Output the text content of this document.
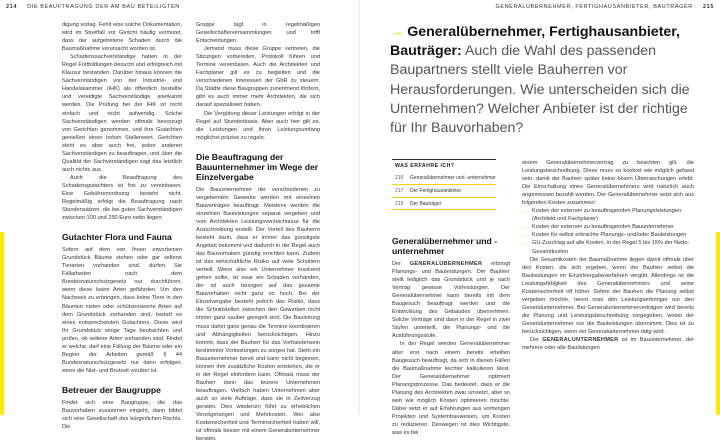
214 DIE BEAUFTRAGUNG DER AM BAU BETEILIGTEN	GENERALÜBERNEHMER, FERTIGHAUSANBIETER, BAUTRÄGER 215

digung vorlag. Fehlt eine solche Dokumentation, wird im Streitfall vor Gericht häufig vermutet, dass der aufgetretene Schaden durch die Baumaßnahme verursacht worden ist.

Schadenssachverständige haben in der Regel Fortbildungen besucht und erfolgreich mit Klausur bestanden. Darüber hinaus können die Sachverständigen von der Industrie- und Handelskammer (IHK) als öffentlich bestellte und vereidigte Sachverständige anerkannt werden. Die Prüfung bei der IHK ist nicht einfach und recht aufwendig. Solche Sachverständigen werden oftmals bevorzugt von Gerichten genommen, und ihre Gutachten genießen einen hohen Stellenwert. Gerichten steht es aber auch frei, jeden anderen Sachverständigen zu beauftragen, und über die Qualität der Sachverständigen sagt das letztlich auch nichts aus.

Auch die Beauftragung des Schadensgutachters ist frei zu vereinbaren. Eine Gebührenordnung besteht nicht. Regelmäßig erfolgt die Beauftragung nach Stundensätzen, die bei guten Sachverständigen zwischen 100 und 250 Euro netto liegen.

Gutachter Flora und Fauna

Sofern auf dem von Ihnen erworbenen Grundstück Bäume stehen oder gar seltene Tierarten vorhanden sind, dürfen Sie Fällarbeiten nach dem Bundesnaturschutzgesetz nur durchführen, wenn diese keine Arten gefährden. Um den Nachweis zu erbringen, dass keine Tiere in den Bäumen nisten oder schützenswerte Arten auf dem Grundstück vorhanden sind, bedarf es eines entsprechenden Gutachters. Diese wird Ihr Grundstück einige Tage beobachten und prüfen, ob seltene Arten vorhanden sind. Findet er welche, darf eine Fällung der Bäume oder ein Beginn der Arbeiten gemäß § 44 Bundesnaturschutzgesetz nur dann erfolgen, wenn die Nist- und Brutzeit vorüber ist.

Betreuer der Baugruppe

Findet sich eine Baugruppe, die das Bauvorhaben zusammen eingeht, dann bildet sich eine Gesellschaft des bürgerlichen Rechts. Die

Gruppe tagt in regelmäßigen Gesellschafterversammlungen und trifft Entscheidungen.

Jemand muss diese Gruppe vertreten, die Sitzungen vorbereiten, Protokoll führen und Termine vereinbaren. Auch die Architekten und Fachplaner gilt es zu begleiten und die verschiedenen Interessen der GbR zu steuern. Da Städte diese Baugruppen zunehmend fördern, gibt es auch immer mehr Architekten, die sich darauf spezialisiert haben.

Die Vergütung dieser Leistungen erfolgt in der Regel auf Stundenbasis. Aber auch hier gilt es, die Leistungen und ihren Leistungsumfang möglichst präzise zu regeln.

Die Beauftragung der Bauunternehmer im Wege der Einzelvergabe

Die Bauunternehmer der verschiedenen zu vergebenden Gewerke werden mit einzelnen Bauverträgen beauftragt. Meistens werden die einzelnen Bauleistungen separat vergeben und vom Architekten Leistungsverzeichnisse für die Ausschreibung erstellt. Der Vorteil des Bauherrn besteht darin, dass er immer das günstigste Angebot bekommt und dadurch in der Regel auch das Bauvorhaben günstig errichten kann. Zudem ist das wirtschaftliche Risiko auf viele Schultern verteilt. Wenn also ein Unternehmer insolvent gehen sollte, ist zwar ein Schaden vorhanden, der ist auch bezogen auf das gesamte Bauvorhaben nicht ganz so hoch. Bei der Einzelvergabe besteht jedoch das Risiko, dass die Schnittstellen zwischen den Gewerken nicht immer ganz sauber geregelt sind. Die Bauleitung muss daher ganz genau die Termine koordinieren und Abhängigkeiten berücksichtigen. Hinzu kommt, dass der Bauherr für das Vorhandensein bestimmter Vorleistungen zu sorgen hat. Steht ein Bauunternehmer bereit und kann nicht beginnen, können ihm zusätzliche Kosten entstehen, die er in der Regel einfordern kann. Oftmals muss der Bauherr dann das teurere Unternehmen beauftragen. Vielfach haben Unternehmen aber auch so viele Aufträge, dass sie in Zeitverzug geraten. Dies wiederum führt zu erheblichen Verzögerungen und Mehrkosten. Wer also Kostensicherheit und Terminsicherheit haben will, ist oftmals besser mit einem Generalunternehmer beraten.

→ Generalübernehmer, Fertighausanbieter, Bauträger: Auch die Wahl des passenden Baupartners stellt viele Bauherren vor Herausforderungen. Wie unterscheiden sich die Unternehmen? Welcher Anbieter ist der richtige für Ihr Bauvorhaben?
WAS ERFAHRE ICH?
215	Generalübernehmer und -unternehmer
217	Der Fertighausanbieter
219	Der Bauträger
Generalübernehmer und -unternehmer

Der GENERALÜBERNEHMER erbringt Planungs- und Bauleistungen. Der Bauherr stellt lediglich das Grundstück und je nach Vertrag gewisse Vorleistungen. Der Generalübernehmer kann bereits mit dem Baugesuch beauftragt werden und die Entwicklung des Gebäudes übernehmen. Solche Verträge sind dann in der Regel in zwei Stufen unterteilt, die Planungs- und die Ausführungsstufe.

In der Regel werden Generalübernehmer aber erst nach einem bereits erteilten Baugesuch beauftragt, da sich in diesen Fällen die Baumaßnahme leichter kalkulieren lässt. Der Generalübernehmer optimiert Planungsprozesse. Das bedeutet, dass er die Planung des Architekten zwar umsetzt, aber so weit wie möglich Kosten optimieren möchte. Dabei setzt er auf Erfahrungen aus vorherigen Projekten und Systembauweisen, um Kosten zu reduzieren. Deswegen ist dies Wichtigste, was es bei

einem Generalübernehmervertrag zu beachten gilt, die Leistungsbeschreibung. Diese muss so konkret wie möglich gefasst sein, damit der Bauherr später keine bösen Überraschungen erlebt. Die Einschaltung eines Generalübernehmers wird natürlich auch angemessen bezahlt werden. Der Generalübernehmer setzt sich aus folgenden Kosten zusammen:

→ Kosten der externen zu beauftragenden Planungsleistungen (Architekt und Fachplaner)
→ Kosten der externen zu beauftragenden Bauunternehmer
→ Kosten für selbst erbrachte Planungs- und/oder Bauleistungen
→ GU-Zuschlag auf alle Kosten, in der Regel 5 bis 15% der Netto-Gesamtkosten

Die Gesamtkosten der Baumaßnahme liegen damit oftmals über den Kosten, die sich ergeben, wenn der Bauherr selbst die Bauleistungen im Einzelvergabeverfahren vergibt. Allerdings ist die Leistungsfähigkeit des Generalübernehmers und seine Kostensicherheit oft höher. Sofern der Bauherr die Planung selbst vergeben möchte, nennt man den Leistungserbringer nur den Generalunternehmer. Bei Generalunternehmerverträgen wird bereits die Planung und Leistungsbeschreibung vorgegeben, wobei der Generalunternehmer nur die Bauleistungen übernimmt. Dies ist zu berücksichtigen, wenn ein Generalunternehmer tätig wird.

Der GENERALUNTERNEHMER ist im Bauunternehmer, der mehrere oder alle Baulistungen
